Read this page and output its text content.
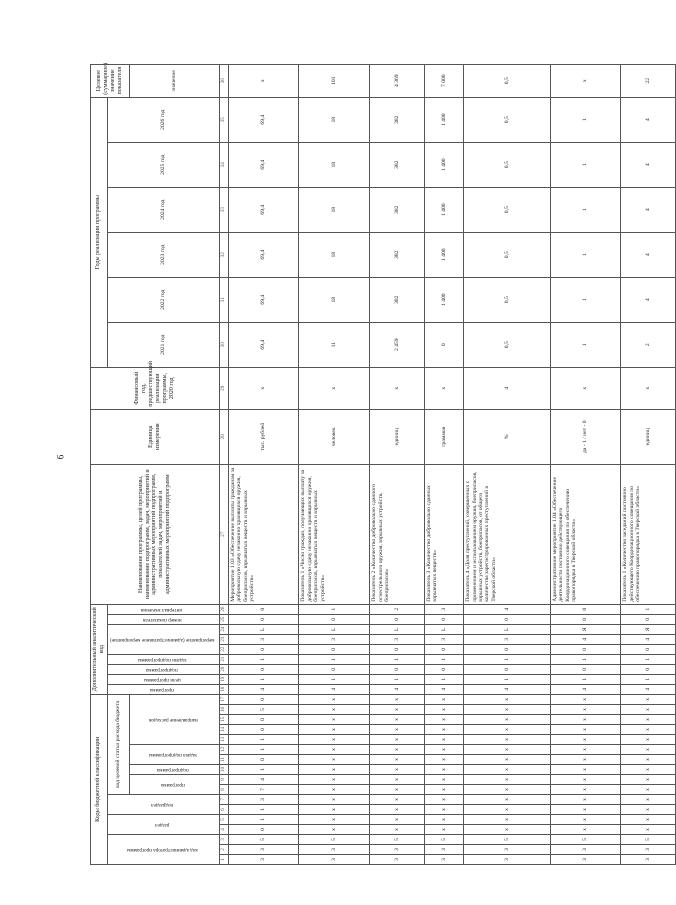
6
Коды бюджетной классификации																	Дополнительный аналитический код									Наименование программы, целей программы, наименование подпрограмм, задач, мероприятий и административных мероприятий подпрограмм, показателей задач, мероприятий и административных мероприятий подпрограмм	Единица измерения	Финансовый год, предшествующий реализации программы, 2020 год	Годы реализации программы						Целевое (суммарное) значение показателя	
код администратора программы			раздел		подраздел		код целевой статьи расхода бюджета										программа	цели программы	подпрограмма	задачи подпрограммы	мероприятие (административное мероприятие)			номер показателя	интервал значения				2021 год	2022 год	2023 год	2024 год	2025 год	2026 год		
							программа		подпрограмма	задача подпрограммы		направление расходов																							значение	
1	2	3	4	5	6	7	8	9	10	11	12	13	14	15	16	17	18	19	20	21	22	23	24	25	26	27	28	29	30	31	32	33	34	35	36	
3	3	5	0	1	1	3	7	4	1	0	1	1	0	0	5	0	4	1	0	1	0	3	L	0	0	Мероприятие 1.03 «Обеспечение выплаты гражданам за добровольную сдачу незаконно хранящихся оружия, боеприпасов, взрывчатых веществ и взрывных устройств»	тыс. рублей	х	69,4	69,4	69,4	69,4	69,4	69,4	х	
3	3	5	х	х	х	х	х	х	х	х	х	х	х	х	х	х	4	1	0	1	0	3	L	0	1	Показатель 1 «Число граждан, получающих выплату за добровольную сдачу незаконно хранящихся оружия, боеприпасов, взрывчатых веществ и взрывных устройств»	человек	х	11	18	18	18	18	18	101	
3	3	5	х	х	х	х	х	х	х	х	х	х	х	х	х	х	4	1	0	1	0	3	L	0	2	Показатель 2 «Количество добровольно сданного огнестрельного оружия, взрывных устройств, боеприпасов»	единиц	х	2 459	382	382	382	382	382	4 369	
3	3	5	х	х	х	х	х	х	х	х	х	х	х	х	х	х	4	1	0	1	0	3	L	0	3	Показатель 3 «Количество добровольно сданных взрывчатых веществ»	граммов	х	0	1 400	1 400	1 400	1 400	1 400	7 000	
3	3	5	х	х	х	х	х	х	х	х	х	х	х	х	х	х	4	1	0	1	0	3	L	0	4	Показатель 4 «Доля преступлений, совершенных с применением и использованием оружия, боеприпасов, взрывных устройств, боеприпасов, от общего количества зарегистрированных преступлений в Тверской области»	%	4	0,5	0,5	0,5	0,5	0,5	0,5	0,5	
3	3	5	х	х	х	х	х	х	х	х	х	х	х	х	х	х	4	1	0	1	0	4	Я	0	0	Административное мероприятие 1.04 «Обеспечение деятельности постоянно действующего Координационного совещания по обеспечению правопорядка в Тверской области»	да - 1 / нет - 0	х	1	1	1	1	1	1	х	
3	3	5	х	х	х	х	х	х	х	х	х	х	х	х	х	х	4	1	0	1	0	4	Я	0	1	Показатель 1 «Количество заседаний постоянно действующего Координационного совещания по обеспечению правопорядка в Тверской области»	единиц	х	2	4	4	4	4	4	22	
